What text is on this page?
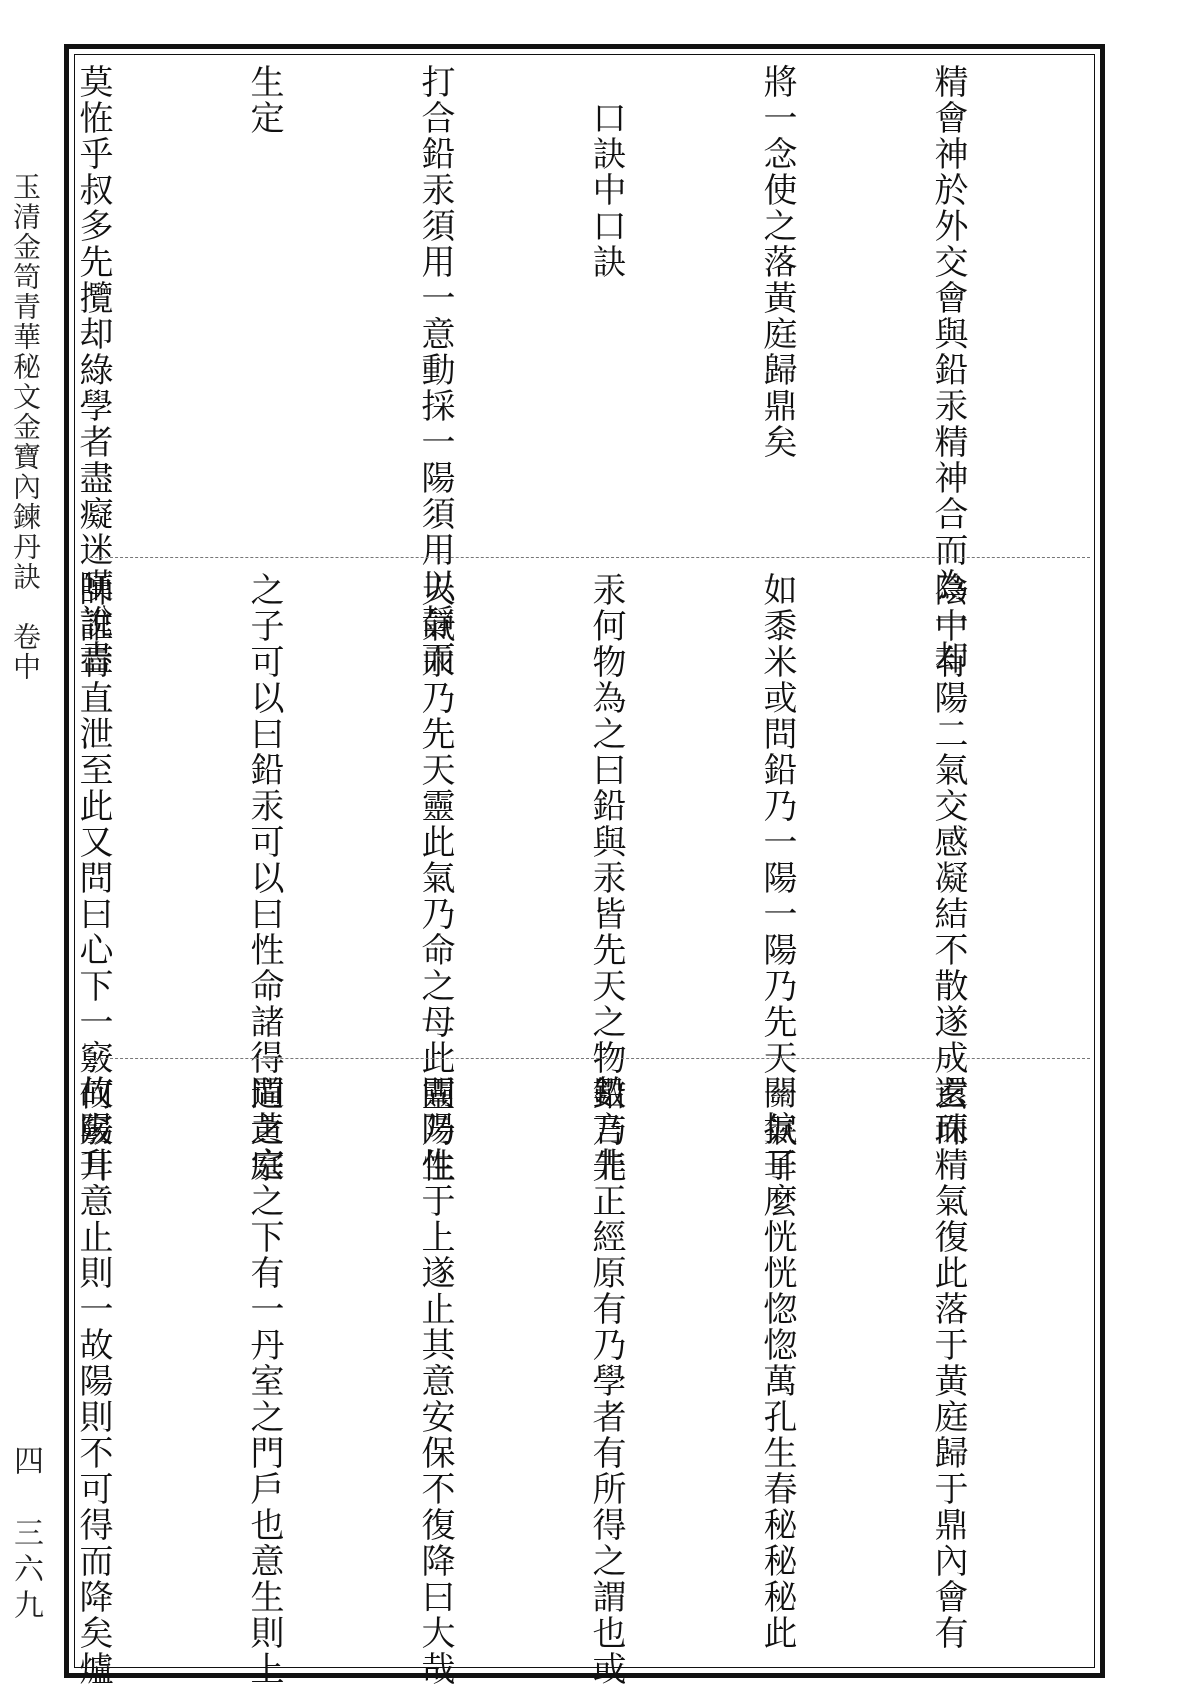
玉清金笥青華秘文金寶內鍊丹訣　卷中
四　三六九

精會神於外交會與鉛汞精神合而為一却

將一念使之落黃庭歸鼎矣

　口訣中口訣

打合鉛汞須用一意動採一陽須用以靜而

生定

莫恠乎叔多先攬却綠學者盡癡迷嘆說盡

陰中有陽二氣交感凝結不散遂成玄珠

如黍米或問鉛乃一陽一陽乃先天一氣耳

汞何物為之曰鉛與汞皆先天之物鉛乃先

天氣汞乃先天靈此氣乃命之母此靈乃性

之子可以曰鉛汞可以曰性命諸得道之宗

師誰肯直泄至此又問曰心下一竅何竅耳

還而精氣復此落于黃庭歸于鼎內會有

關捩子麼恍恍惚惚萬孔生春秘秘秘此

數言非正經原有乃學者有所得之謂也或

問陽生于上遂止其意安保不復降曰大哉

問黃庭之下有一丹室之門戶也意生則上

故陽升意止則一故陽則不可得而降矣爐
